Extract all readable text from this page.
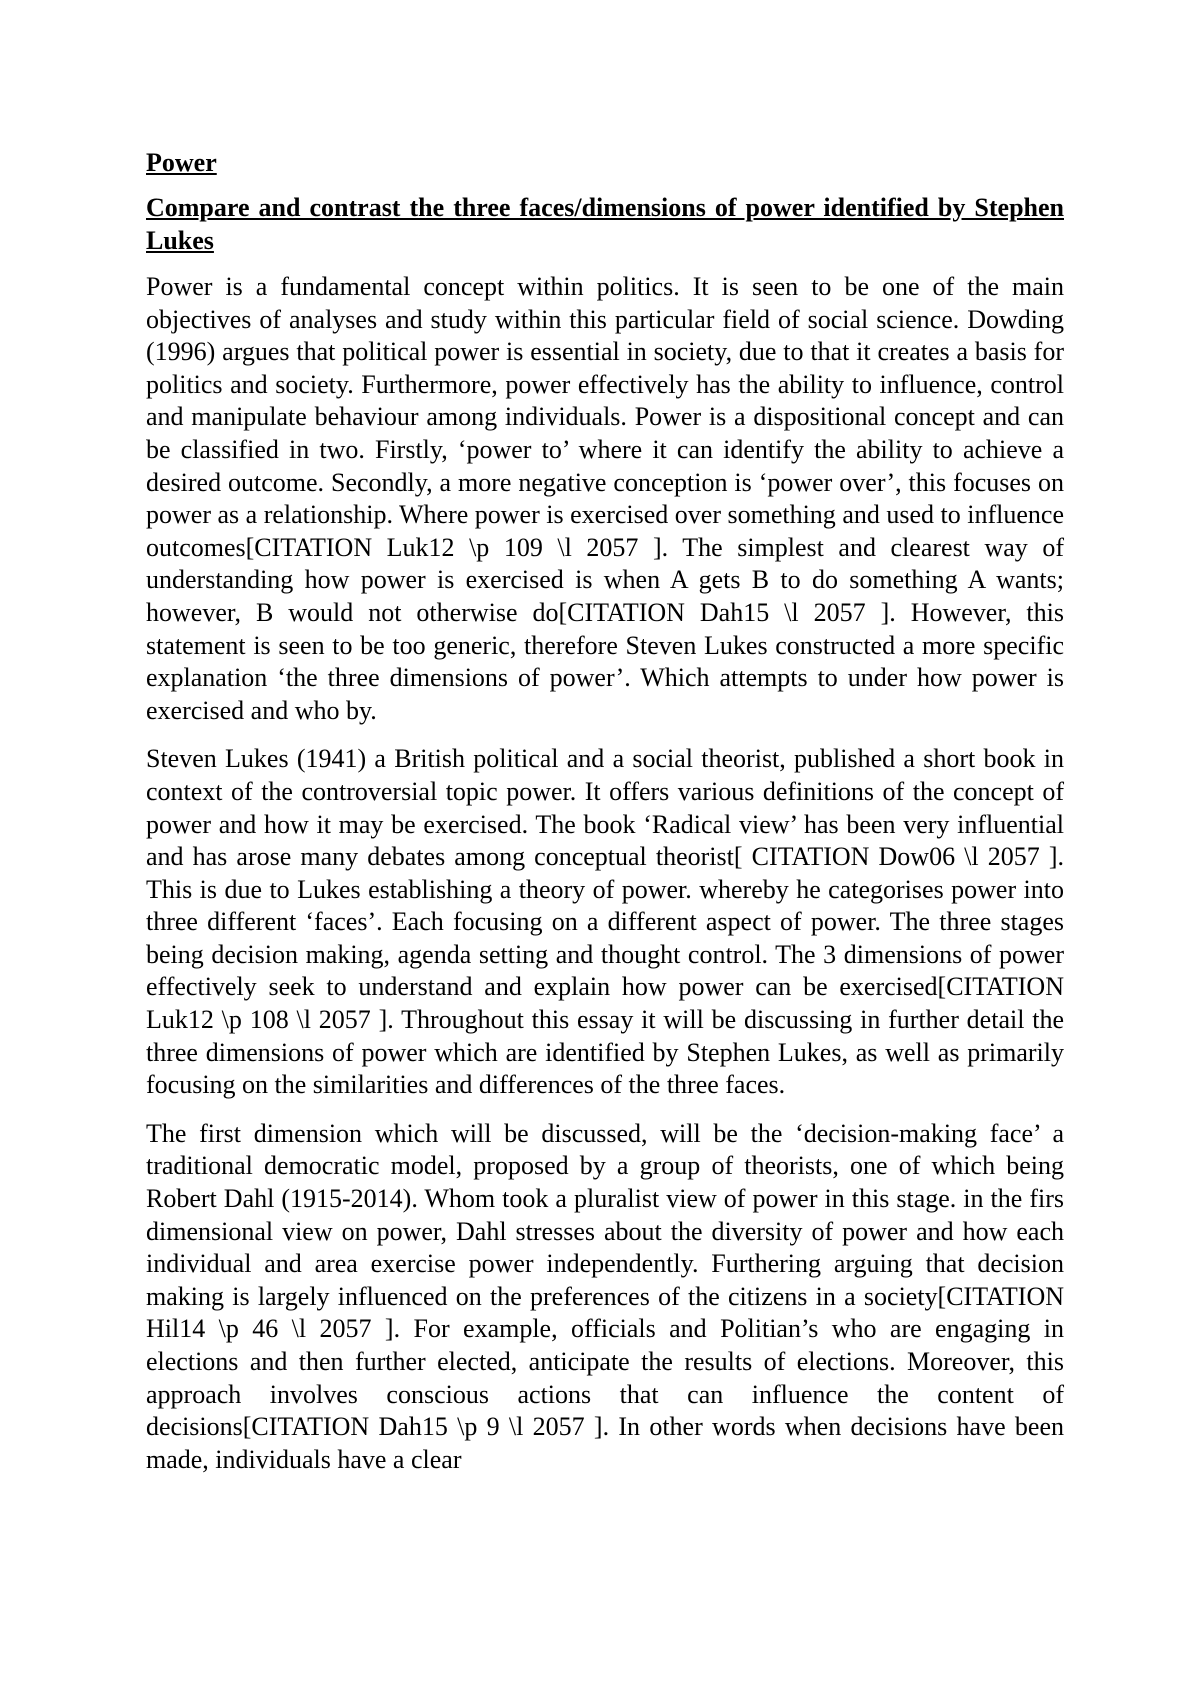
Power
Compare and contrast the three faces/dimensions of power identified by Stephen Lukes

Power is a fundamental concept within politics. It is seen to be one of the main objectives of analyses and study within this particular field of social science. Dowding (1996) argues that political power is essential in society, due to that it creates a basis for politics and society. Furthermore, power effectively has the ability to influence, control and manipulate behaviour among individuals. Power is a dispositional concept and can be classified in two. Firstly, ‘power to’ where it can identify the ability to achieve a desired outcome. Secondly, a more negative conception is ‘power over’, this focuses on power as a relationship. Where power is exercised over something and used to influence outcomes[CITATION Luk12 \p 109 \l 2057 ]. The simplest and clearest way of understanding how power is exercised is when A gets B to do something A wants; however, B would not otherwise do[CITATION Dah15 \l 2057 ]. However, this statement is seen to be too generic, therefore Steven Lukes constructed a more specific explanation ‘the three dimensions of power’. Which attempts to under how power is exercised and who by.

Steven Lukes (1941) a British political and a social theorist, published a short book in context of the controversial topic power. It offers various definitions of the concept of power and how it may be exercised. The book ‘Radical view’ has been very influential and has arose many debates among conceptual theorist[ CITATION Dow06 \l 2057 ]. This is due to Lukes establishing a theory of power. whereby he categorises power into three different ‘faces’. Each focusing on a different aspect of power. The three stages being decision making, agenda setting and thought control. The 3 dimensions of power effectively seek to understand and explain how power can be exercised[CITATION Luk12 \p 108 \l 2057 ]. Throughout this essay it will be discussing in further detail the three dimensions of power which are identified by Stephen Lukes, as well as primarily focusing on the similarities and differences of the three faces.

The first dimension which will be discussed, will be the ‘decision-making face’ a traditional democratic model, proposed by a group of theorists, one of which being Robert Dahl (1915-2014). Whom took a pluralist view of power in this stage. in the firs dimensional view on power, Dahl stresses about the diversity of power and how each individual and area exercise power independently. Furthering arguing that decision making is largely influenced on the preferences of the citizens in a society[CITATION Hil14 \p 46 \l 2057 ]. For example, officials and Politian’s who are engaging in elections and then further elected, anticipate the results of elections. Moreover, this approach involves conscious actions that can influence the content of decisions[CITATION Dah15 \p 9 \l 2057 ]. In other words when decisions have been made, individuals have a clear
